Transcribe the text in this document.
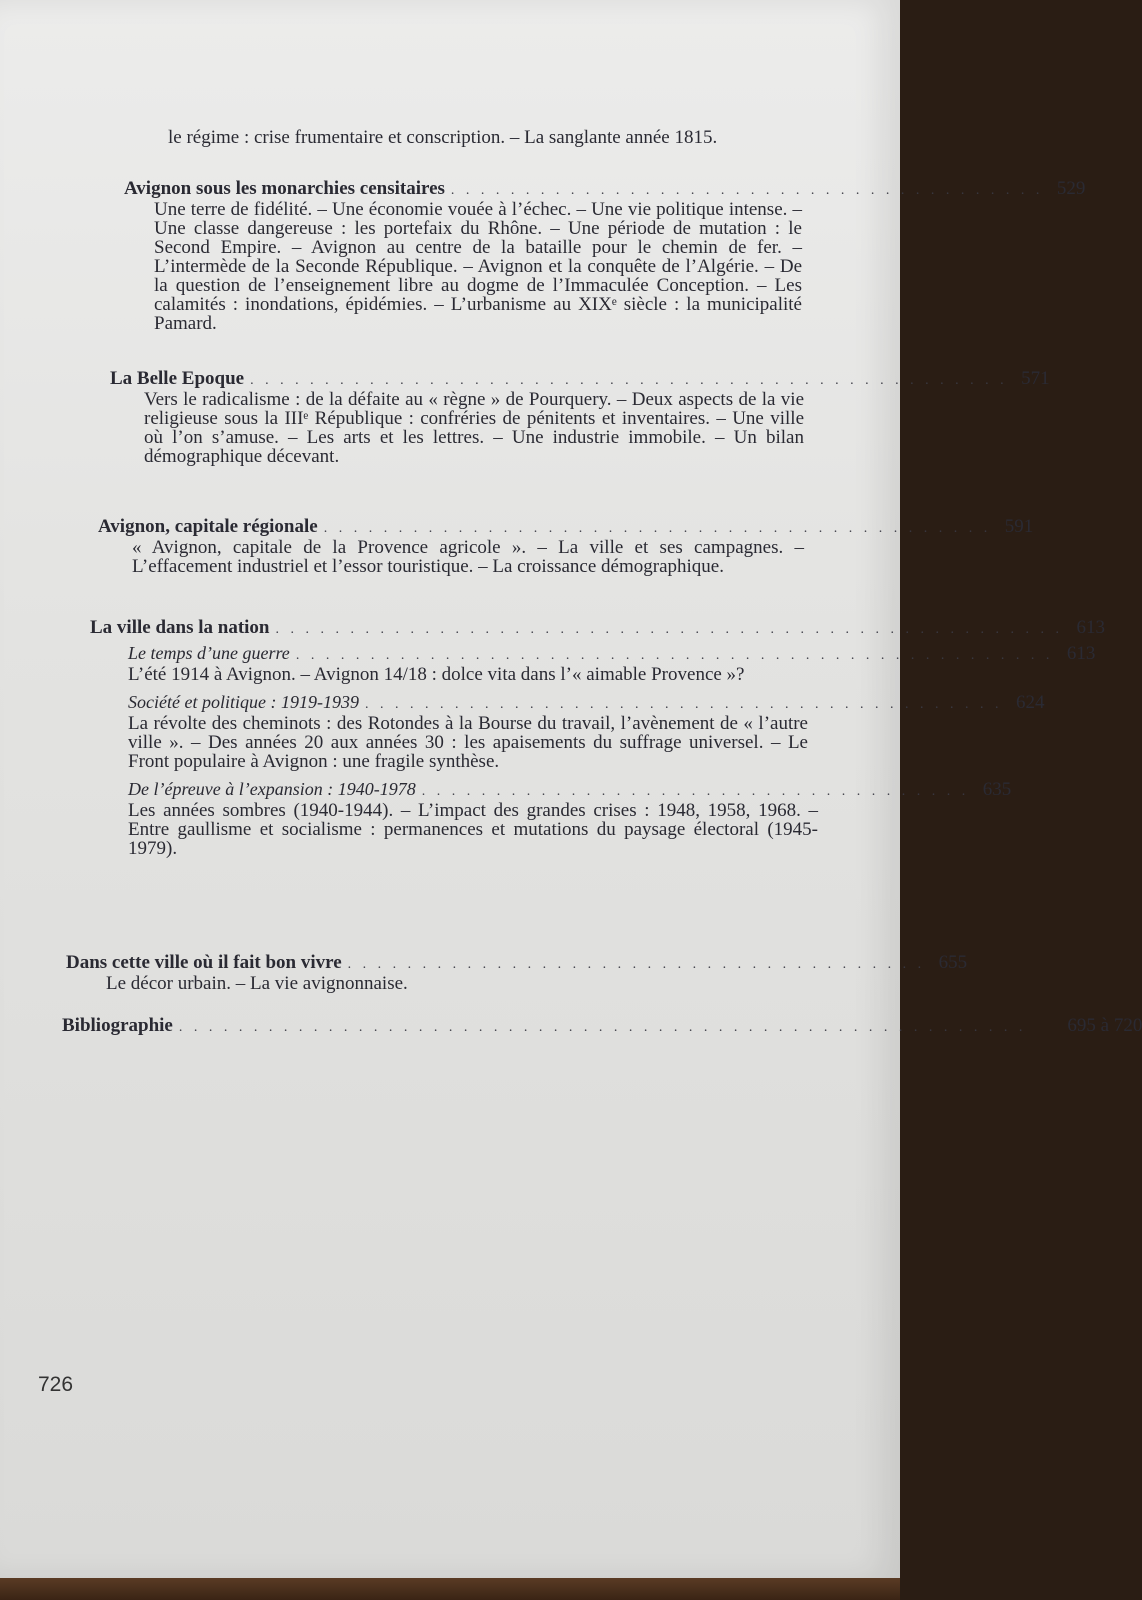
le régime : crise frumentaire et conscription. – La sanglante année 1815.
Avignon sous les monarchies censitaires . . . . . . . . . . . . . . . . . . . . . . . . . . . . . . . . . . . . . . . . 529
Une terre de fidélité. – Une économie vouée à l’échec. – Une vie politique intense. – Une classe dangereuse : les portefaix du Rhône. – Une période de mutation : le Second Empire. – Avignon au centre de la bataille pour le chemin de fer. – L’intermède de la Seconde République. – Avignon et la conquête de l’Algérie. – De la question de l’enseignement libre au dogme de l’Immaculée Conception. – Les calamités : inondations, épidémies. – L’urbanisme au XIXᵉ siècle : la municipalité Pamard.
La Belle Epoque . . . . . . . . . . . . . . . . . . . . . . . . . . . . . . . . . . . . . . . . . . . . . . . . . . . 571
Vers le radicalisme : de la défaite au « règne » de Pourquery. – Deux aspects de la vie religieuse sous la IIIᵉ République : confréries de pénitents et inventaires. – Une ville où l’on s’amuse. – Les arts et les lettres. – Une industrie immobile. – Un bilan démographique décevant.
Avignon, capitale régionale . . . . . . . . . . . . . . . . . . . . . . . . . . . . . . . . . . . . . . . . . . . . . 591
« Avignon, capitale de la Provence agricole ». – La ville et ses campagnes. – L’effacement industriel et l’essor touristique. – La croissance démographique.
La ville dans la nation . . . . . . . . . . . . . . . . . . . . . . . . . . . . . . . . . . . . . . . . . . . . . . . . . . . . . 613
Le temps d’une guerre . . . . . . . . . . . . . . . . . . . . . . . . . . . . . . . . . . . . . . . . . . . . . . . . . . . 613
L’été 1914 à Avignon. – Avignon 14/18 : dolce vita dans l’« aimable Provence »?
Société et politique : 1919-1939 . . . . . . . . . . . . . . . . . . . . . . . . . . . . . . . . . . . . . . . . . . . 624
La révolte des cheminots : des Rotondes à la Bourse du travail, l’avènement de « l’autre ville ». – Des années 20 aux années 30 : les apaisements du suffrage universel. – Le Front populaire à Avignon : une fragile synthèse.
De l’épreuve à l’expansion : 1940-1978 . . . . . . . . . . . . . . . . . . . . . . . . . . . . . . . . . . . . . 635
Les années sombres (1940-1944). – L’impact des grandes crises : 1948, 1958, 1968. – Entre gaullisme et socialisme : permanences et mutations du paysage électoral (1945-1979).
Dans cette ville où il fait bon vivre . . . . . . . . . . . . . . . . . . . . . . . . . . . . . . . . . . . . . . . 655
Le décor urbain. – La vie avignonnaise.
Bibliographie . . . . . . . . . . . . . . . . . . . . . . . . . . . . . . . . . . . . . . . . . . . . . . . . . . . . . . . . .	695 à 720
726
